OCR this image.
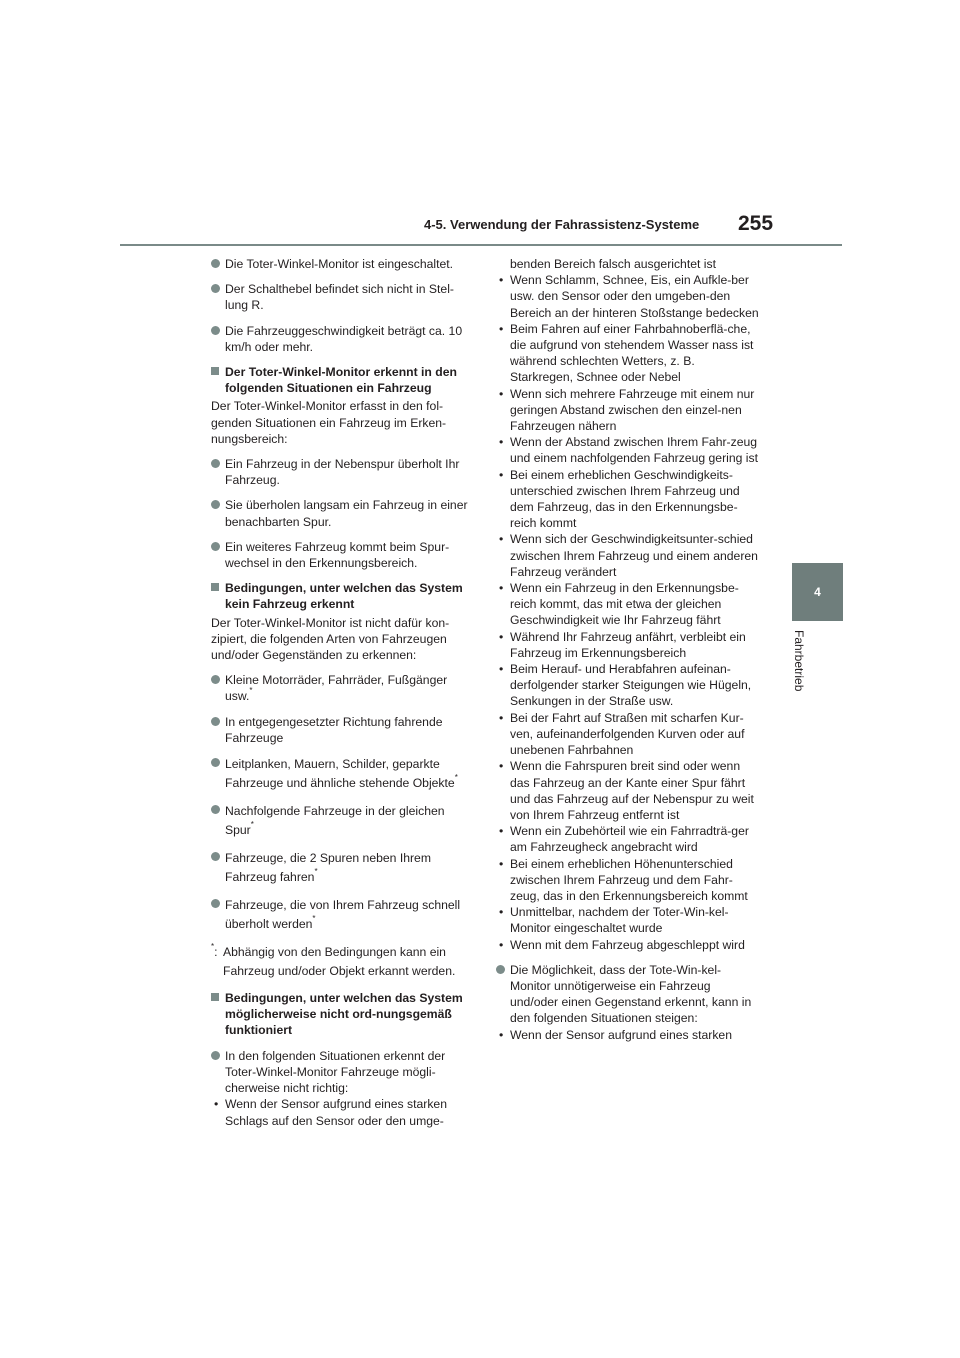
255
4-5. Verwendung der Fahrassistenz-Systeme
4
Fahrbetrieb
Die Toter-Winkel-Monitor ist eingeschaltet.
Der Schalthebel befindet sich nicht in Stel-lung R.
Die Fahrzeuggeschwindigkeit beträgt ca. 10 km/h oder mehr.
Der Toter-Winkel-Monitor erkennt in den folgenden Situationen ein Fahrzeug
Der Toter-Winkel-Monitor erfasst in den fol-genden Situationen ein Fahrzeug im Erken-nungsbereich:
Ein Fahrzeug in der Nebenspur überholt Ihr Fahrzeug.
Sie überholen langsam ein Fahrzeug in einer benachbarten Spur.
Ein weiteres Fahrzeug kommt beim Spur-wechsel in den Erkennungsbereich.
Bedingungen, unter welchen das System kein Fahrzeug erkennt
Der Toter-Winkel-Monitor ist nicht dafür kon-zipiert, die folgenden Arten von Fahrzeugen und/oder Gegenständen zu erkennen:
Kleine Motorräder, Fahrräder, Fußgänger usw.*
In entgegengesetzter Richtung fahrende Fahrzeuge
Leitplanken, Mauern, Schilder, geparkte Fahrzeuge und ähnliche stehende Objekte*
Nachfolgende Fahrzeuge in der gleichen Spur*
Fahrzeuge, die 2 Spuren neben Ihrem Fahrzeug fahren*
Fahrzeuge, die von Ihrem Fahrzeug schnell überholt werden*
*: Abhängig von den Bedingungen kann ein Fahrzeug und/oder Objekt erkannt werden.
Bedingungen, unter welchen das System möglicherweise nicht ord-nungsgemäß funktioniert
In den folgenden Situationen erkennt der Toter-Winkel-Monitor Fahrzeuge mögli-cherweise nicht richtig:
• Wenn der Sensor aufgrund eines starken Schlags auf den Sensor oder den umge-
benden Bereich falsch ausgerichtet ist
• Wenn Schlamm, Schnee, Eis, ein Aufkle-ber usw. den Sensor oder den umgeben-den Bereich an der hinteren Stoßstange bedecken
• Beim Fahren auf einer Fahrbahnoberflä-che, die aufgrund von stehendem Wasser nass ist während schlechten Wetters, z. B. Starkregen, Schnee oder Nebel
• Wenn sich mehrere Fahrzeuge mit einem nur geringen Abstand zwischen den einzel-nen Fahrzeugen nähern
• Wenn der Abstand zwischen Ihrem Fahr-zeug und einem nachfolgenden Fahrzeug gering ist
• Bei einem erheblichen Geschwindigkeits-unterschied zwischen Ihrem Fahrzeug und dem Fahrzeug, das in den Erkennungsbe-reich kommt
• Wenn sich der Geschwindigkeitsunter-schied zwischen Ihrem Fahrzeug und einem anderen Fahrzeug verändert
• Wenn ein Fahrzeug in den Erkennungsbe-reich kommt, das mit etwa der gleichen Geschwindigkeit wie Ihr Fahrzeug fährt
• Während Ihr Fahrzeug anfährt, verbleibt ein Fahrzeug im Erkennungsbereich
• Beim Herauf- und Herabfahren aufeinan-derfolgender starker Steigungen wie Hügeln, Senkungen in der Straße usw.
• Bei der Fahrt auf Straßen mit scharfen Kur-ven, aufeinanderfolgenden Kurven oder auf unebenen Fahrbahnen
• Wenn die Fahrspuren breit sind oder wenn das Fahrzeug an der Kante einer Spur fährt und das Fahrzeug auf der Nebenspur zu weit von Ihrem Fahrzeug entfernt ist
• Wenn ein Zubehörteil wie ein Fahrradträ-ger am Fahrzeugheck angebracht wird
• Bei einem erheblichen Höhenunterschied zwischen Ihrem Fahrzeug und dem Fahr-zeug, das in den Erkennungsbereich kommt
• Unmittelbar, nachdem der Toter-Win-kel-Monitor eingeschaltet wurde
• Wenn mit dem Fahrzeug abgeschleppt wird
Die Möglichkeit, dass der Tote-Win-kel-Monitor unnötigerweise ein Fahrzeug und/oder einen Gegenstand erkennt, kann in den folgenden Situationen steigen:
• Wenn der Sensor aufgrund eines starken
